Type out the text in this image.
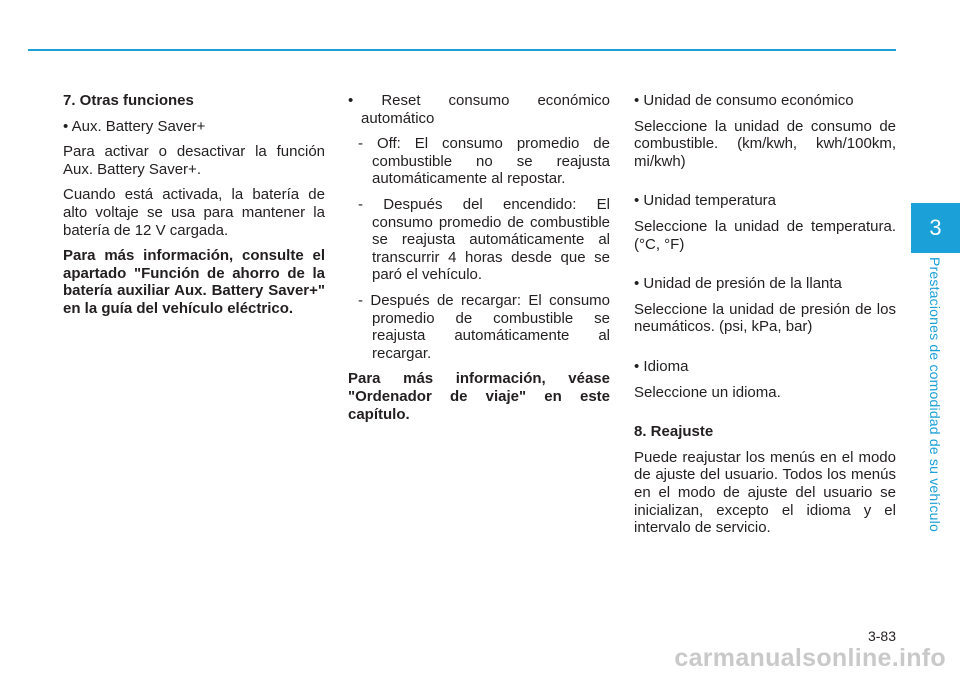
7. Otras funciones

• Aux. Battery Saver+

Para activar o desactivar la función Aux. Battery Saver+.

Cuando está activada, la batería de alto voltaje se usa para mantener la batería de 12 V cargada.

Para más información, consulte el apartado "Función de ahorro de la batería auxiliar Aux. Battery Saver+" en la guía del vehículo eléctrico.

• Reset consumo económico automático

- Off: El consumo promedio de combustible no se reajusta automáticamente al repostar.

- Después del encendido: El consumo promedio de combustible se reajusta automáticamente al transcurrir 4 horas desde que se paró el vehículo.

- Después de recargar: El consumo promedio de combustible se reajusta automáticamente al recargar.

Para más información, véase "Ordenador de viaje" en este capítulo.

• Unidad de consumo económico

Seleccione la unidad de consumo de combustible. (km/kwh, kwh/100km, mi/kwh)

• Unidad temperatura

Seleccione la unidad de temperatura. (°C, °F)

• Unidad de presión de la llanta

Seleccione la unidad de presión de los neumáticos. (psi, kPa, bar)

• Idioma

Seleccione un idioma.

8. Reajuste

Puede reajustar los menús en el modo de ajuste del usuario. Todos los menús en el modo de ajuste del usuario se inicializan, excepto el idioma y el intervalo de servicio.

3
Prestaciones de comodidad de su vehículo
3-83
carmanualsonline.info
